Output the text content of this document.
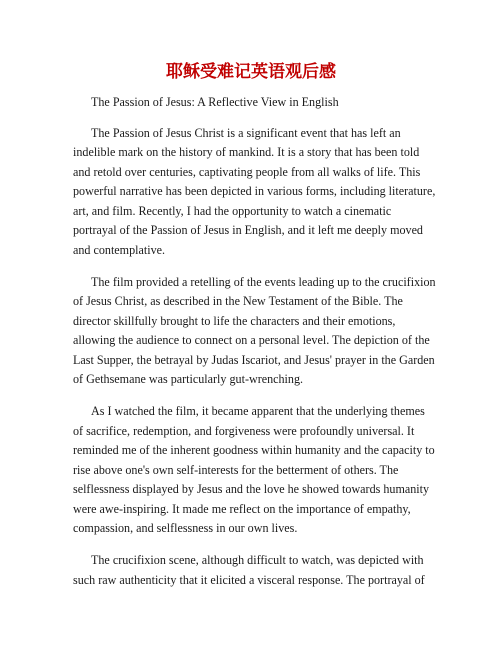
耶稣受难记英语观后感

The Passion of Jesus: A Reflective View in English

The Passion of Jesus Christ is a significant event that has left an indelible mark on the history of mankind. It is a story that has been told and retold over centuries, captivating people from all walks of life. This powerful narrative has been depicted in various forms, including literature, art, and film. Recently, I had the opportunity to watch a cinematic portrayal of the Passion of Jesus in English, and it left me deeply moved and contemplative.

The film provided a retelling of the events leading up to the crucifixion of Jesus Christ, as described in the New Testament of the Bible. The director skillfully brought to life the characters and their emotions, allowing the audience to connect on a personal level. The depiction of the Last Supper, the betrayal by Judas Iscariot, and Jesus' prayer in the Garden of Gethsemane was particularly gut-wrenching.

As I watched the film, it became apparent that the underlying themes of sacrifice, redemption, and forgiveness were profoundly universal. It reminded me of the inherent goodness within humanity and the capacity to rise above one's own self-interests for the betterment of others. The selflessness displayed by Jesus and the love he showed towards humanity were awe-inspiring. It made me reflect on the importance of empathy, compassion, and selflessness in our own lives.

The crucifixion scene, although difficult to watch, was depicted with such raw authenticity that it elicited a visceral response. The portrayal of
